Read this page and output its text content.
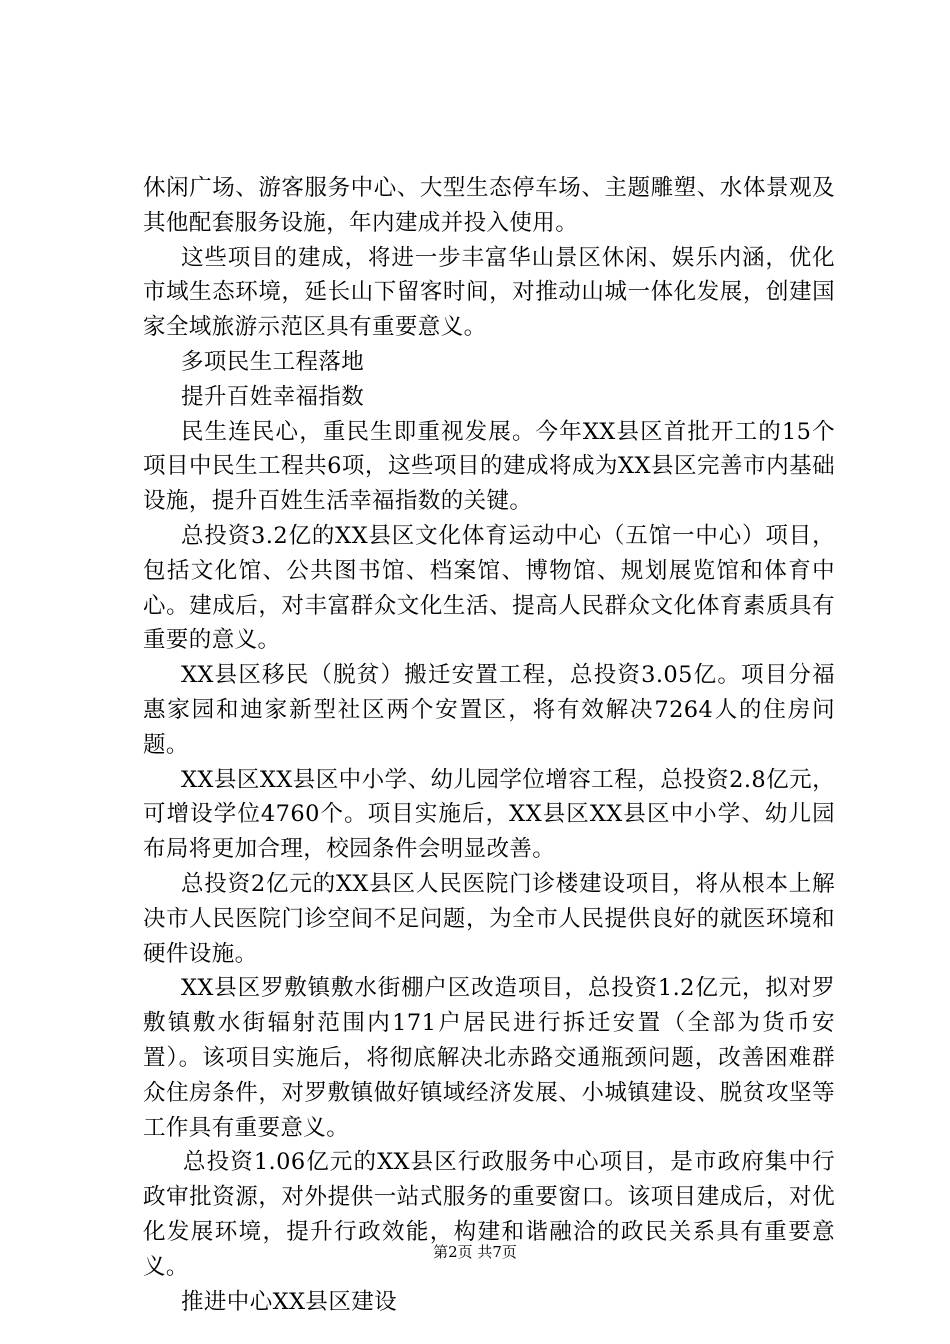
休闲广场、游客服务中心、大型生态停车场、主题雕塑、水体景观及其他配套服务设施，年内建成并投入使用。

这些项目的建成，将进一步丰富华山景区休闲、娱乐内涵，优化市域生态环境，延长山下留客时间，对推动山城一体化发展，创建国家全域旅游示范区具有重要意义。

多项民生工程落地

提升百姓幸福指数

民生连民心，重民生即重视发展。今年XX县区首批开工的15个项目中民生工程共6项，这些项目的建成将成为XX县区完善市内基础设施，提升百姓生活幸福指数的关键。

总投资3.2亿的XX县区文化体育运动中心（五馆一中心）项目，包括文化馆、公共图书馆、档案馆、博物馆、规划展览馆和体育中心。建成后，对丰富群众文化生活、提高人民群众文化体育素质具有重要的意义。

XX县区移民（脱贫）搬迁安置工程，总投资3.05亿。项目分福惠家园和迪家新型社区两个安置区，将有效解决7264人的住房问题。

XX县区XX县区中小学、幼儿园学位增容工程，总投资2.8亿元，可增设学位4760个。项目实施后，XX县区XX县区中小学、幼儿园布局将更加合理，校园条件会明显改善。

总投资2亿元的XX县区人民医院门诊楼建设项目，将从根本上解决市人民医院门诊空间不足问题，为全市人民提供良好的就医环境和硬件设施。

XX县区罗敷镇敷水街棚户区改造项目，总投资1.2亿元，拟对罗敷镇敷水街辐射范围内171户居民进行拆迁安置（全部为货币安置）。该项目实施后，将彻底解决北赤路交通瓶颈问题，改善困难群众住房条件，对罗敷镇做好镇域经济发展、小城镇建设、脱贫攻坚等工作具有重要意义。

总投资1.06亿元的XX县区行政服务中心项目，是市政府集中行政审批资源，对外提供一站式服务的重要窗口。该项目建成后，对优化发展环境，提升行政效能，构建和谐融洽的政民关系具有重要意义。

推进中心XX县区建设

第2页 共7页
